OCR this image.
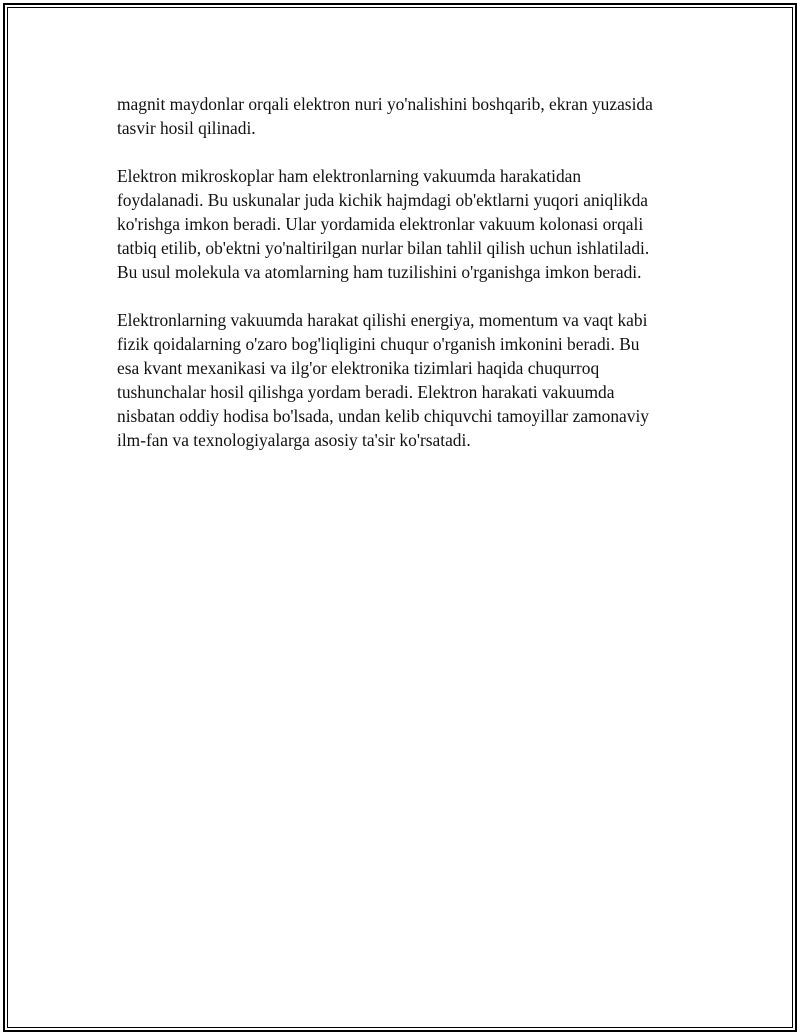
magnit maydonlar orqali elektron nuri yo'nalishini boshqarib, ekran yuzasida
tasvir hosil qilinadi.

Elektron mikroskoplar ham elektronlarning vakuumda harakatidan
foydalanadi. Bu uskunalar juda kichik hajmdagi ob'ektlarni yuqori aniqlikda
ko'rishga imkon beradi. Ular yordamida elektronlar vakuum kolonasi orqali
tatbiq etilib, ob'ektni yo'naltirilgan nurlar bilan tahlil qilish uchun ishlatiladi.
Bu usul molekula va atomlarning ham tuzilishini o'rganishga imkon beradi.

Elektronlarning vakuumda harakat qilishi energiya, momentum va vaqt kabi
fizik qoidalarning o'zaro bog'liqligini chuqur o'rganish imkonini beradi. Bu
esa kvant mexanikasi va ilg'or elektronika tizimlari haqida chuqurroq
tushunchalar hosil qilishga yordam beradi. Elektron harakati vakuumda
nisbatan oddiy hodisa bo'lsada, undan kelib chiquvchi tamoyillar zamonaviy
ilm-fan va texnologiyalarga asosiy ta'sir ko'rsatadi.
